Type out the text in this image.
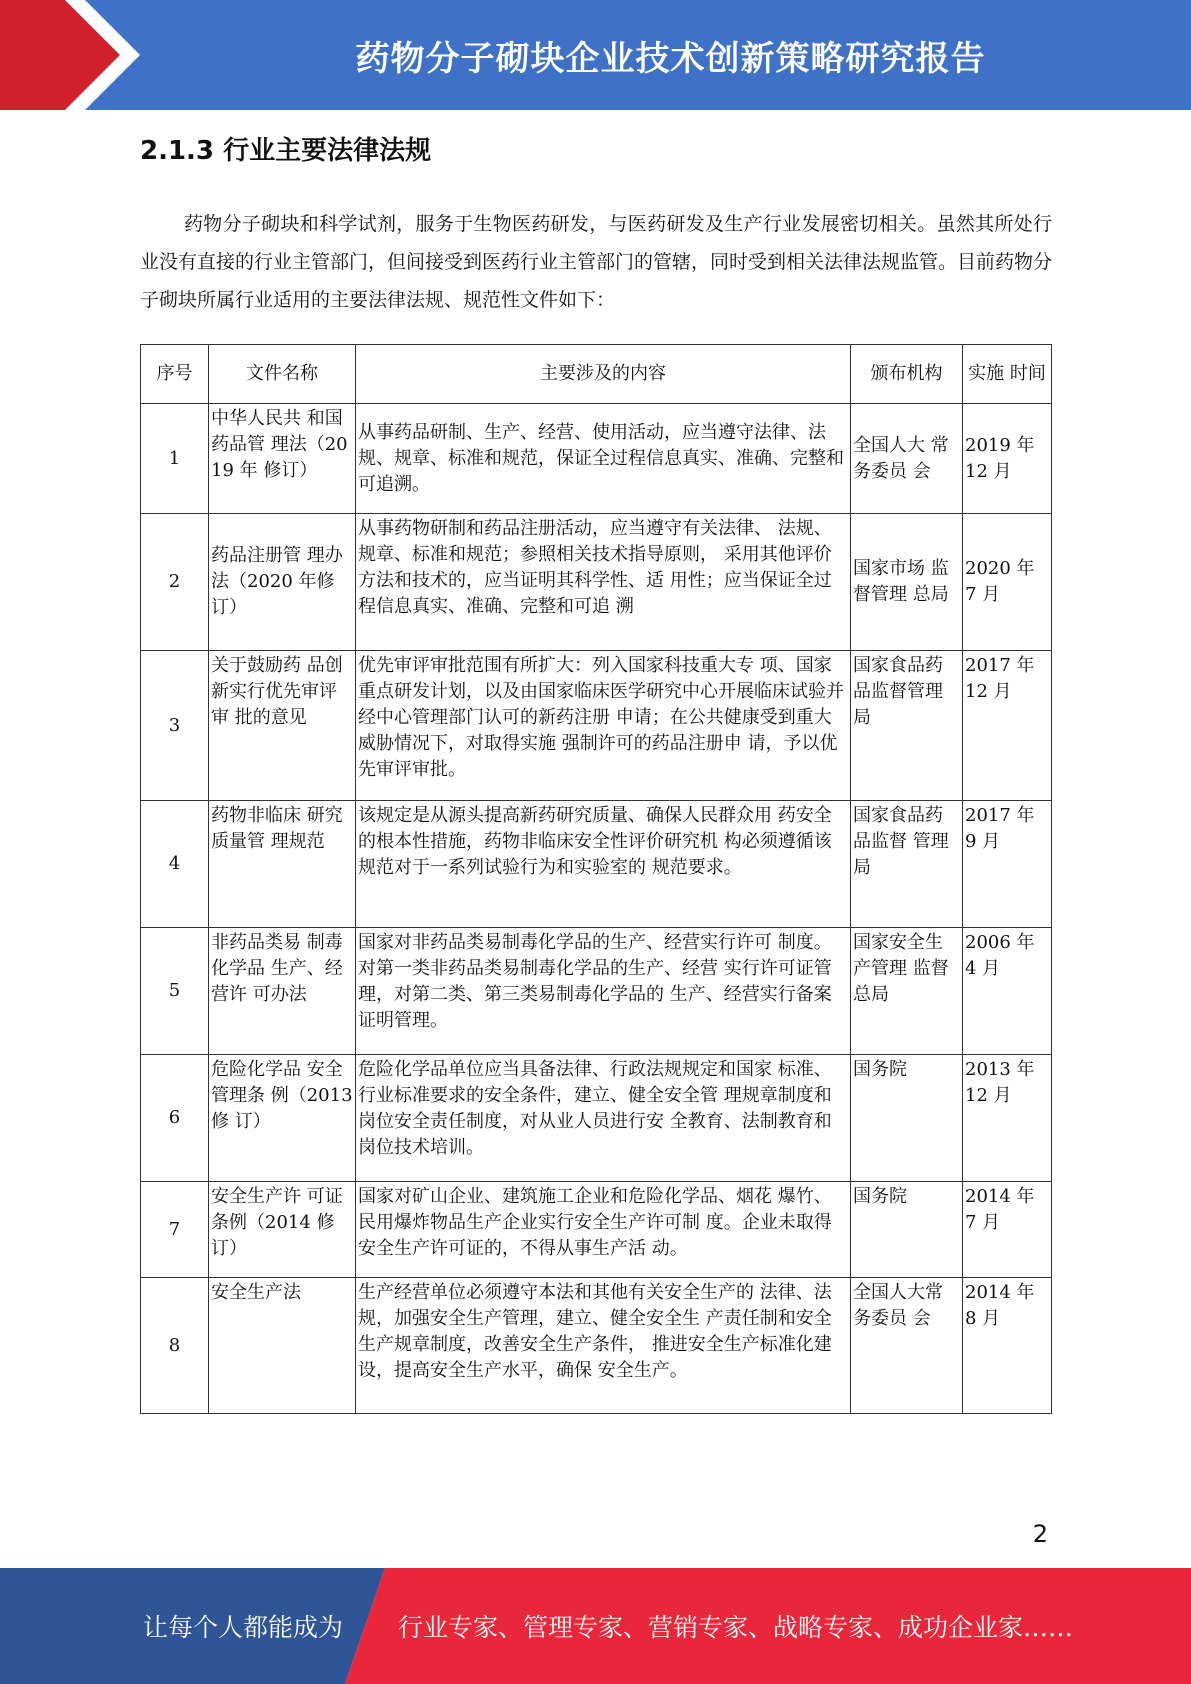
药物分子砌块企业技术创新策略研究报告
2.1.3 行业主要法律法规

药物分子砌块和科学试剂，服务于生物医药研发，与医药研发及生产行业发展密切相关。虽然其所处行业没有直接的行业主管部门，但间接受到医药行业主管部门的管辖，同时受到相关法律法规监管。目前药物分子砌块所属行业适用的主要法律法规、规范性文件如下：

序号	文件名称	主要涉及的内容	颁布机构	实施 时间
1	中华人民共 和国药品管 理法（2019 年 修订）	从事药品研制、生产、经营、使用活动，应当遵守法律、法规、规章、标准和规范，保证全过程信息真实、准确、完整和可追溯。	全国人大 常务委员 会	2019 年 12 月
2	药品注册管 理办法（2020 年修订）	从事药物研制和药品注册活动，应当遵守有关法律、 法规、规章、标准和规范；参照相关技术指导原则， 采用其他评价方法和技术的，应当证明其科学性、适 用性；应当保证全过程信息真实、准确、完整和可追 溯	国家市场 监督管理 总局	2020 年 7 月
3	关于鼓励药 品创新实行优先审评审 批的意见	优先审评审批范围有所扩大：列入国家科技重大专 项、国家重点研发计划，以及由国家临床医学研究中心开展临床试验并经中心管理部门认可的新药注册 申请；在公共健康受到重大威胁情况下，对取得实施 强制许可的药品注册申 请，予以优先审评审批。	国家食品药品监督管理局	2017 年 12 月
4	药物非临床 研究质量管 理规范	该规定是从源头提高新药研究质量、确保人民群众用 药安全的根本性措施，药物非临床安全性评价研究机 构必须遵循该规范对于一系列试验行为和实验室的 规范要求。	国家食品药品监督 管理局	2017 年 9 月
5	非药品类易 制毒化学品 生产、经营许 可办法	国家对非药品类易制毒化学品的生产、经营实行许可 制度。对第一类非药品类易制毒化学品的生产、经营 实行许可证管理，对第二类、第三类易制毒化学品的 生产、经营实行备案证明管理。	国家安全生产管理 监督总局	2006 年 4 月
6	危险化学品 安全管理条 例（2013 修 订）	危险化学品单位应当具备法律、行政法规规定和国家 标准、行业标准要求的安全条件，建立、健全安全管 理规章制度和岗位安全责任制度，对从业人员进行安 全教育、法制教育和岗位技术培训。	国务院	2013 年 12 月
7	安全生产许 可证条例（2014 修订）	国家对矿山企业、建筑施工企业和危险化学品、烟花 爆竹、民用爆炸物品生产企业实行安全生产许可制 度。企业未取得安全生产许可证的，不得从事生产活 动。	国务院	2014 年 7 月
8	安全生产法	生产经营单位必须遵守本法和其他有关安全生产的 法律、法规，加强安全生产管理，建立、健全安全生 产责任制和安全生产规章制度，改善安全生产条件， 推进安全生产标准化建设，提高安全生产水平，确保 安全生产。	全国人大常务委员 会	2014 年 8 月
2
让每个人都能成为 行业专家、管理专家、营销专家、战略专家、成功企业家……
